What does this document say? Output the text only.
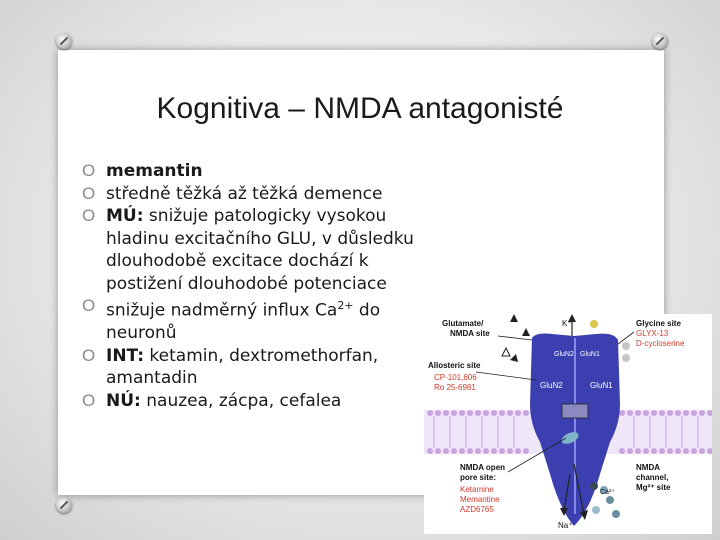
Kognitiva – NMDA antagonisté
O memantin
O středně těžká až těžká demence
O MÚ: snižuje patologicky vysokou hladinu excitačního GLU, v důsledku dlouhodobě excitace dochází k postižení dlouhodobé potenciace
O snižuje nadměrný influx $Ca^{2+}$ do neuronů
O INT: ketamin, dextromethorfan, amantadin
O NÚ: nauzea, zácpa, cefalea
Glutamate/
NMDA site
K⁺	Glycine site
GLYX-13
D-cycloserine
Allosteric site
CP-101,606
Ro 25-6981
GluN2 GluN1
GluN2	GluN1
NMDA open
pore site:
Ketamine
Memantine
AZD6765
NMDA
channel,
Mg²⁺ site
Ca²⁺
Na⁺
